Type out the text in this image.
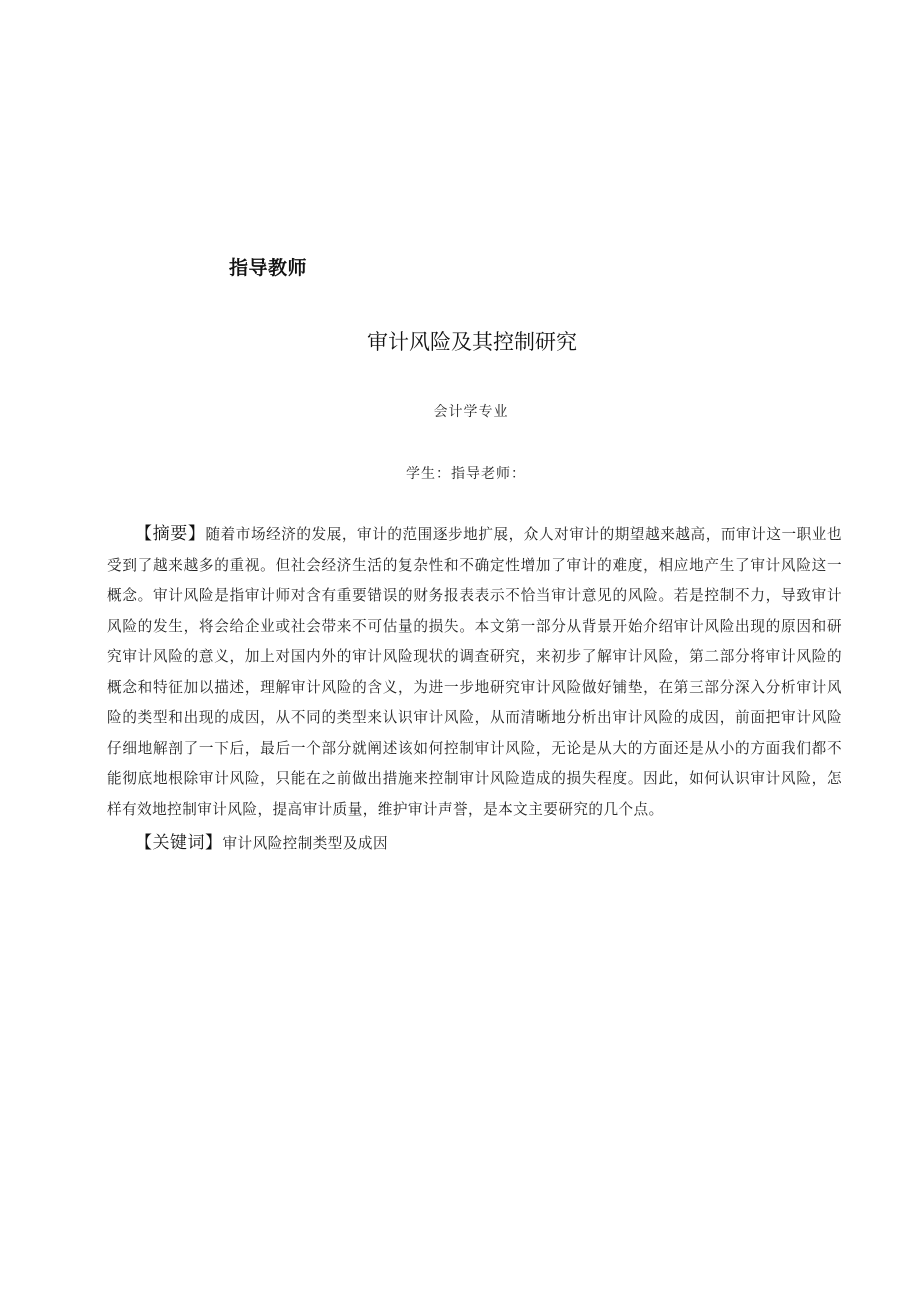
指导教师
审计风险及其控制研究
会计学专业
学生：指导老师：

【摘要】随着市场经济的发展，审计的范围逐步地扩展，众人对审计的期望越来越高，而审计这一职业也受到了越来越多的重视。但社会经济生活的复杂性和不确定性增加了审计的难度，相应地产生了审计风险这一概念。审计风险是指审计师对含有重要错误的财务报表表示不恰当审计意见的风险。若是控制不力，导致审计风险的发生，将会给企业或社会带来不可估量的损失。本文第一部分从背景开始介绍审计风险出现的原因和研究审计风险的意义，加上对国内外的审计风险现状的调查研究，来初步了解审计风险，第二部分将审计风险的概念和特征加以描述，理解审计风险的含义，为进一步地研究审计风险做好铺垫，在第三部分深入分析审计风险的类型和出现的成因，从不同的类型来认识审计风险，从而清晰地分析出审计风险的成因，前面把审计风险仔细地解剖了一下后，最后一个部分就阐述该如何控制审计风险，无论是从大的方面还是从小的方面我们都不能彻底地根除审计风险，只能在之前做出措施来控制审计风险造成的损失程度。因此，如何认识审计风险，怎样有效地控制审计风险，提高审计质量，维护审计声誉，是本文主要研究的几个点。

【关键词】审计风险控制类型及成因
